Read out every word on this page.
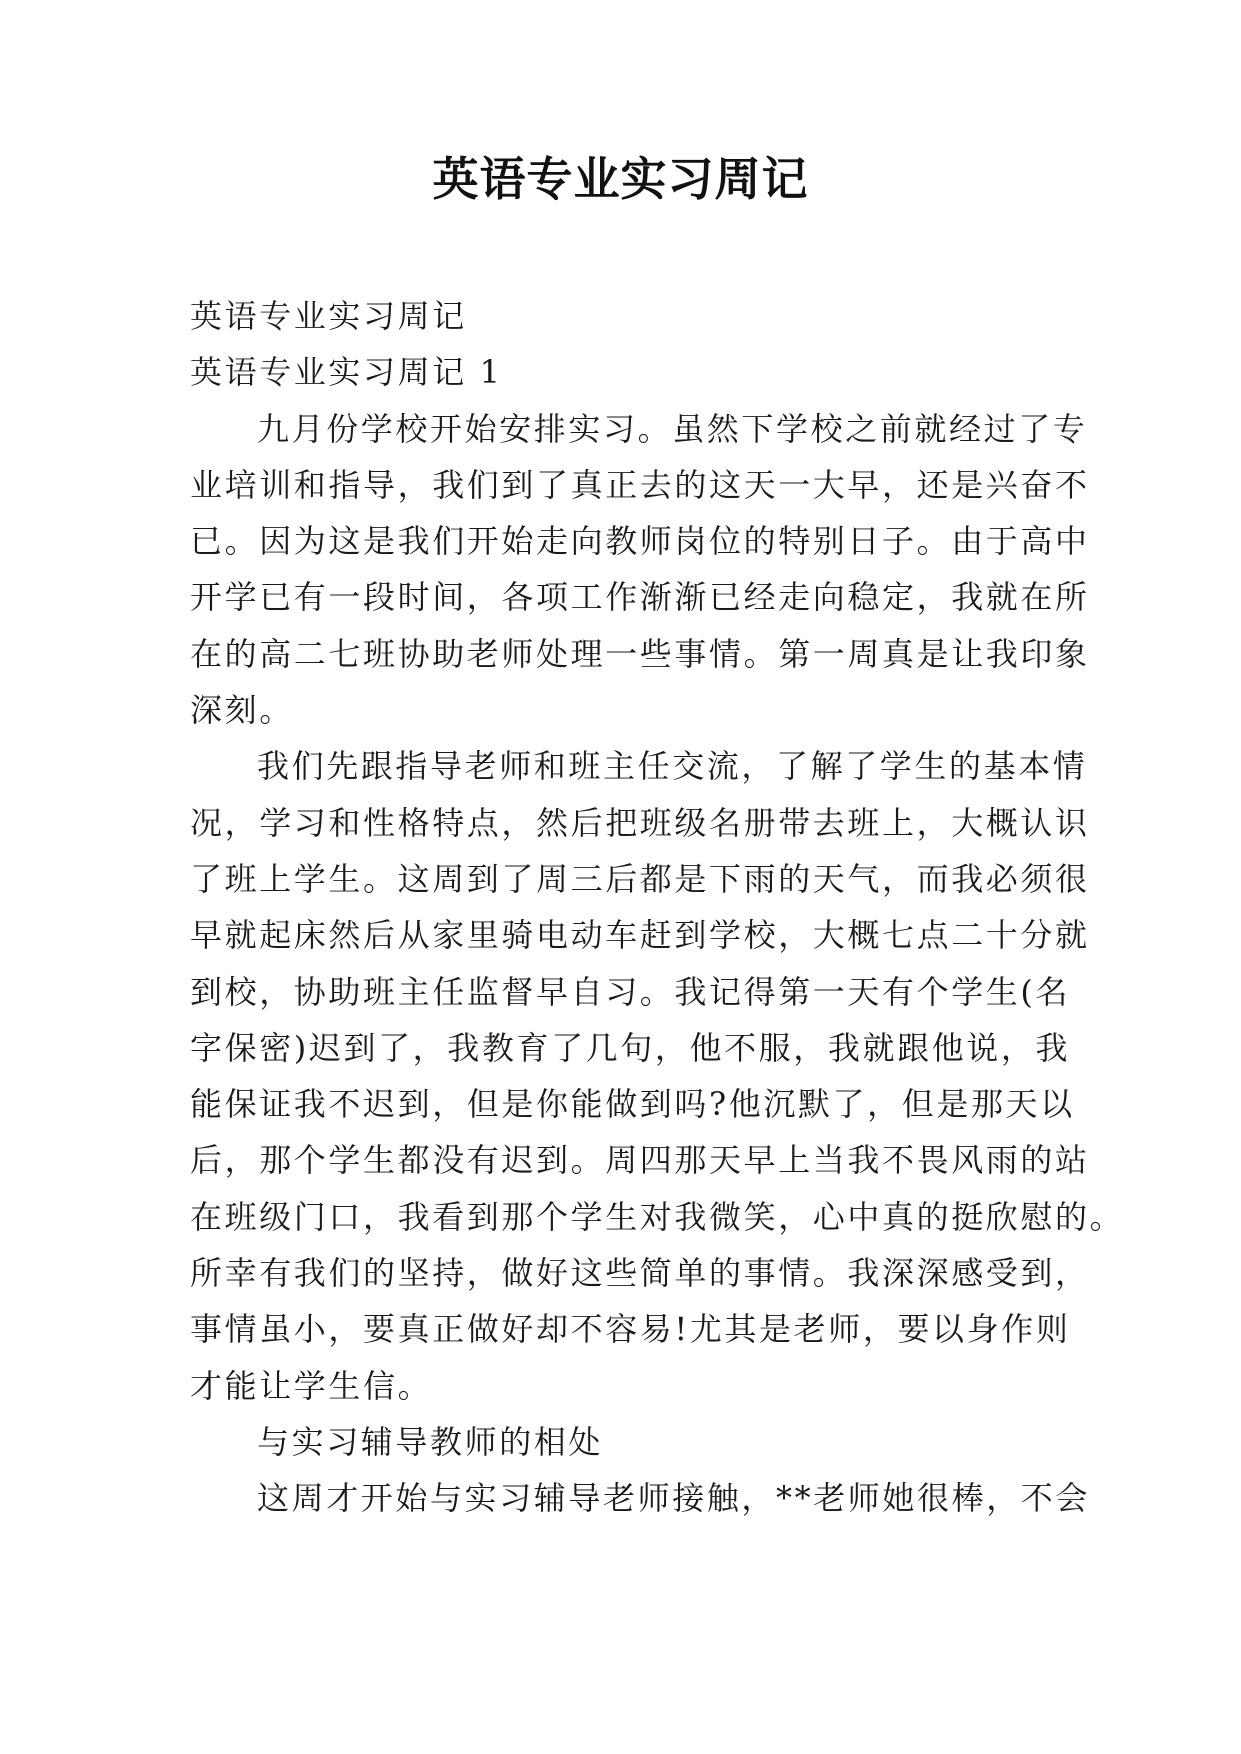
英语专业实习周记
英语专业实习周记
英语专业实习周记 1
九月份学校开始安排实习。虽然下学校之前就经过了专
业培训和指导，我们到了真正去的这天一大早，还是兴奋不
已。因为这是我们开始走向教师岗位的特别日子。由于高中
开学已有一段时间，各项工作渐渐已经走向稳定，我就在所
在的高二七班协助老师处理一些事情。第一周真是让我印象
深刻。
我们先跟指导老师和班主任交流，了解了学生的基本情
况，学习和性格特点，然后把班级名册带去班上，大概认识
了班上学生。这周到了周三后都是下雨的天气，而我必须很
早就起床然后从家里骑电动车赶到学校，大概七点二十分就
到校，协助班主任监督早自习。我记得第一天有个学生(名
字保密)迟到了，我教育了几句，他不服，我就跟他说，我
能保证我不迟到，但是你能做到吗?他沉默了，但是那天以
后，那个学生都没有迟到。周四那天早上当我不畏风雨的站
在班级门口，我看到那个学生对我微笑，心中真的挺欣慰的。
所幸有我们的坚持，做好这些简单的事情。我深深感受到，
事情虽小，要真正做好却不容易!尤其是老师，要以身作则
才能让学生信。
与实习辅导教师的相处
这周才开始与实习辅导老师接触，**老师她很棒，不会
